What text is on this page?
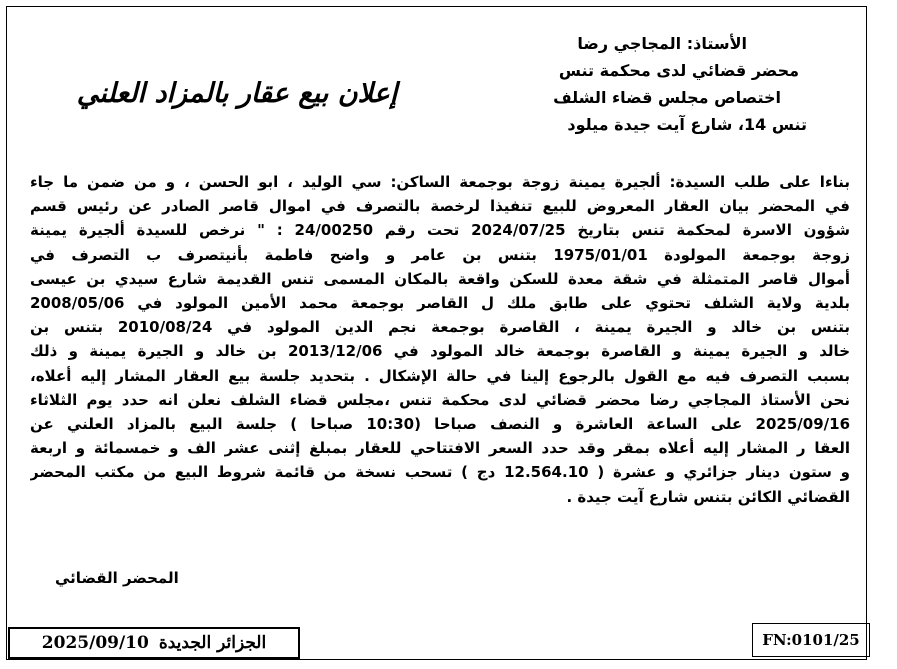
الأستاذ: المجاجي رضا
محضر قضائي لدى محكمة تنس
اختصاص مجلس قضاء الشلف
تنس 14، شارع آيت جيدة ميلود
إعلان بيع عقار بالمزاد العلني
بناءا على طلب السيدة: ألجيرة يمينة زوجة بوجمعة الساكن: سي الوليد ، ابو الحسن ، و من ضمن ما جاء
في المحضر بيان العقار المعروض للبيع تنفيذا لرخصة بالتصرف في اموال قاصر الصادر عن رئيس قسم
شؤون الاسرة لمحكمة تنس بتاريخ 2024/07/25 تحت رقم 24/00250 : " نرخص للسيدة ألجيرة يمينة
زوجة بوجمعة المولودة 1975/01/01 بتنس بن عامر و واضح فاطمة بأنيتصرف ب التصرف في
أموال قاصر المتمثلة في شقة معدة للسكن واقعة بالمكان المسمى تنس القديمة شارع سيدي بن عيسى
بلدية ولاية الشلف تحتوي على طابق ملك ل القاصر بوجمعة محمد الأمين المولود في 2008/05/06
بتنس بن خالد و الجيرة يمينة ، القاصرة بوجمعة نجم الدين المولود في 2010/08/24 بتنس بن
خالد و الجيرة يمينة و القاصرة بوجمعة خالد المولود في 2013/12/06 بن خالد و الجيرة يمينة و ذلك
بسبب التصرف فيه مع القول بالرجوع إلينا في حالة الإشكال . بتحديد جلسة بيع العقار المشار إليه أعلاه،
نحن الأستاذ المجاجي رضا محضر قضائي لدى محكمة تنس ،مجلس قضاء الشلف نعلن انه حدد يوم الثلاثاء
2025/09/16 على الساعة العاشرة و النصف صباحا (10:30 صباحا ) جلسة البيع بالمزاد العلني عن
العقا ر المشار إليه أعلاه بمقر وقد حدد السعر الافتتاحي للعقار بمبلغ إثنى عشر الف و خمسمائة و اربعة
و ستون دينار جزائري و عشرة ( 12.564.10 دج ) تسحب نسخة من قائمة شروط البيع من مكتب المحضر
القضائي الكائن بتنس شارع آيت جيدة .
المحضر القضائي
الجزائر الجديدة
2025/09/10	FN:0101/25
